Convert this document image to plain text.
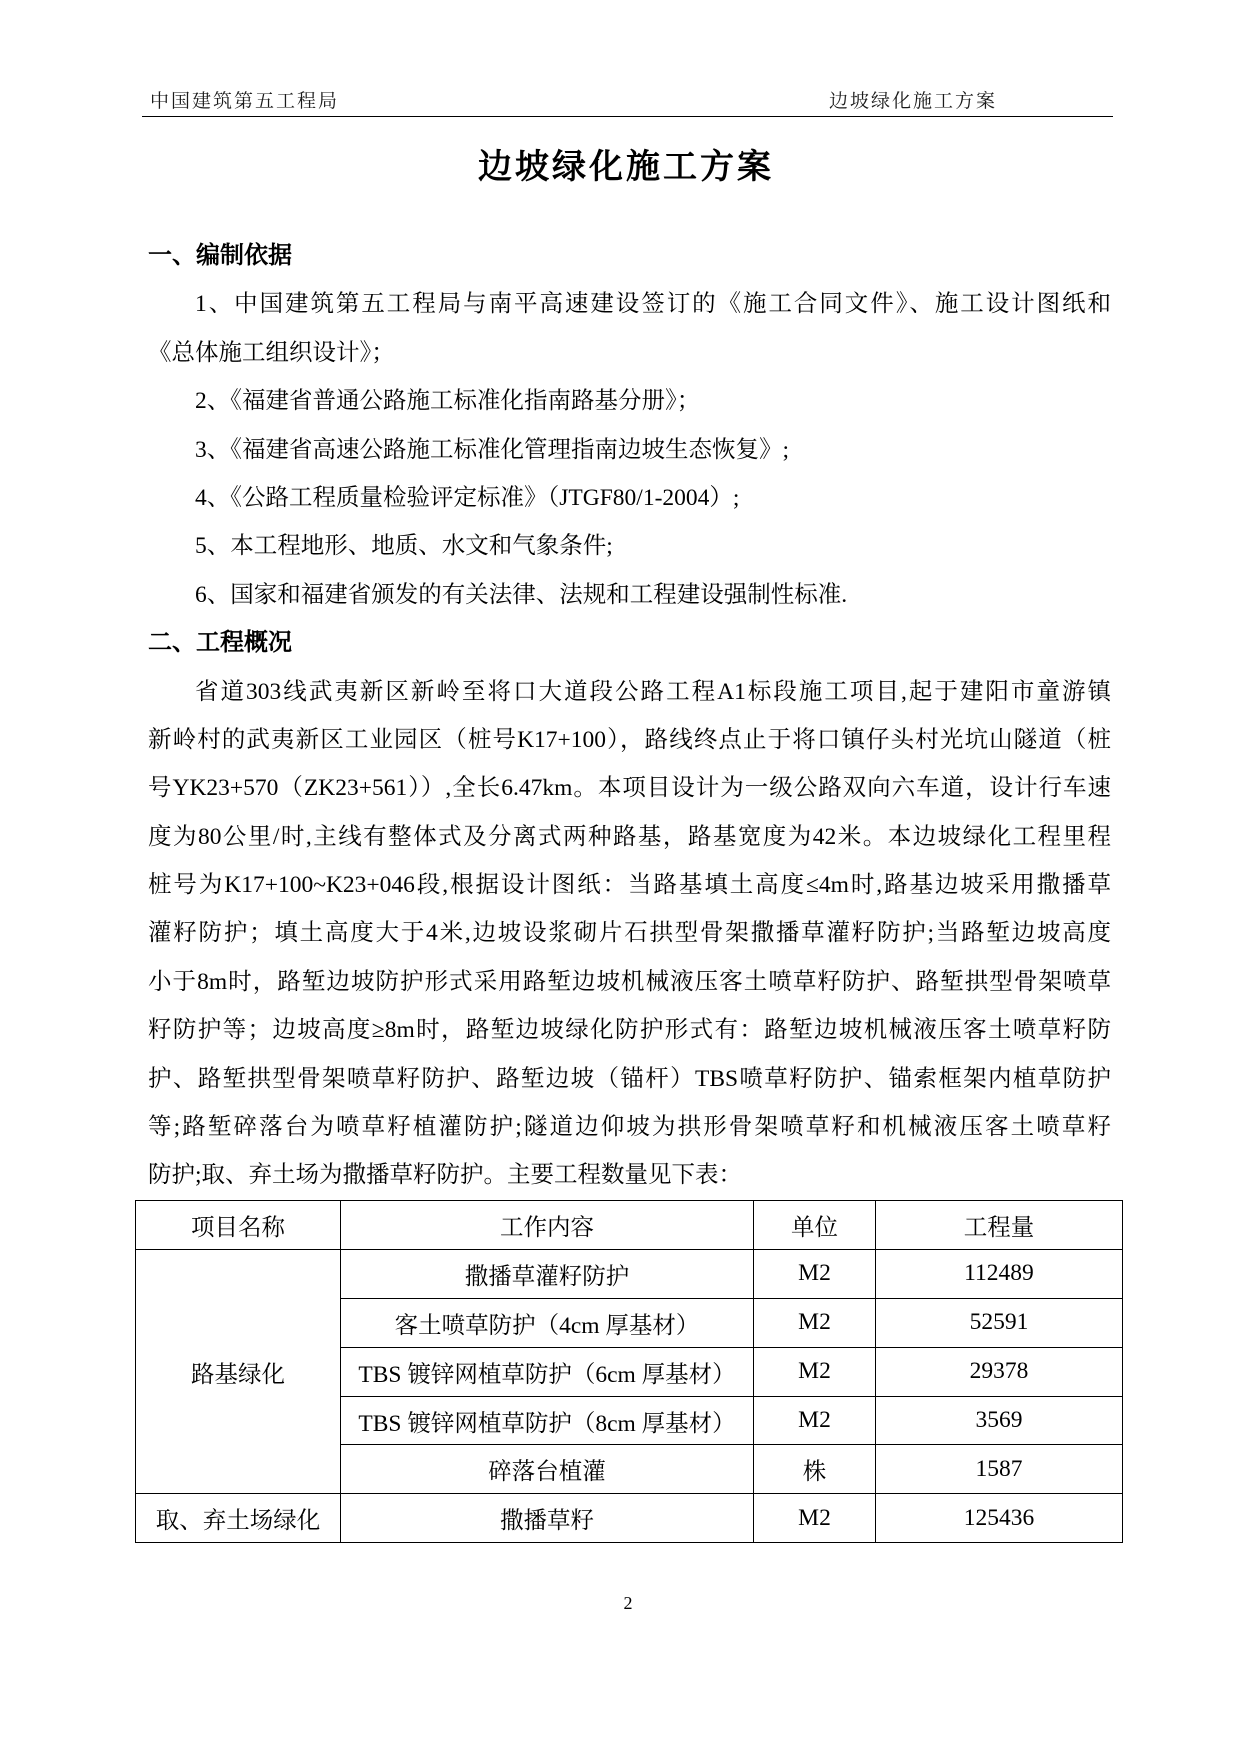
中国建筑第五工程局	边坡绿化施工方案
边坡绿化施工方案
一、编制依据
1、中国建筑第五工程局与南平高速建设签订的《施工合同文件》、施工设计图纸和
《总体施工组织设计》；
2、《福建省普通公路施工标准化指南路基分册》；
3、《福建省高速公路施工标准化管理指南边坡生态恢复》;
4、《公路工程质量检验评定标准》（JTGF80/1-2004）;
5、本工程地形、地质、水文和气象条件;
6、国家和福建省颁发的有关法律、法规和工程建设强制性标准.
二、工程概况
省道303线武夷新区新岭至将口大道段公路工程A1标段施工项目,起于建阳市童游镇
新岭村的武夷新区工业园区（桩号K17+100），路线终点止于将口镇仔头村光坑山隧道（桩
号YK23+570（ZK23+561））,全长6.47km。本项目设计为一级公路双向六车道，设计行车速
度为80公里/时,主线有整体式及分离式两种路基，路基宽度为42米。本边坡绿化工程里程
桩号为K17+100~K23+046段,根据设计图纸：当路基填土高度≤4m时,路基边坡采用撒播草
灌籽防护；填土高度大于4米,边坡设浆砌片石拱型骨架撒播草灌籽防护;当路堑边坡高度
小于8m时，路堑边坡防护形式采用路堑边坡机械液压客土喷草籽防护、路堑拱型骨架喷草
籽防护等；边坡高度≥8m时，路堑边坡绿化防护形式有：路堑边坡机械液压客土喷草籽防
护、路堑拱型骨架喷草籽防护、路堑边坡（锚杆）TBS喷草籽防护、锚索框架内植草防护
等;路堑碎落台为喷草籽植灌防护;隧道边仰坡为拱形骨架喷草籽和机械液压客土喷草籽
防护;取、弃土场为撒播草籽防护。主要工程数量见下表：
项目名称	工作内容	单位	工程量
路基绿化	撒播草灌籽防护	M2	112489
	客土喷草防护（4cm 厚基材）	M2	52591
	TBS 镀锌网植草防护（6cm 厚基材）	M2	29378
	TBS 镀锌网植草防护（8cm 厚基材）	M2	3569
	碎落台植灌	株	1587
取、弃土场绿化	撒播草籽	M2	125436
2
